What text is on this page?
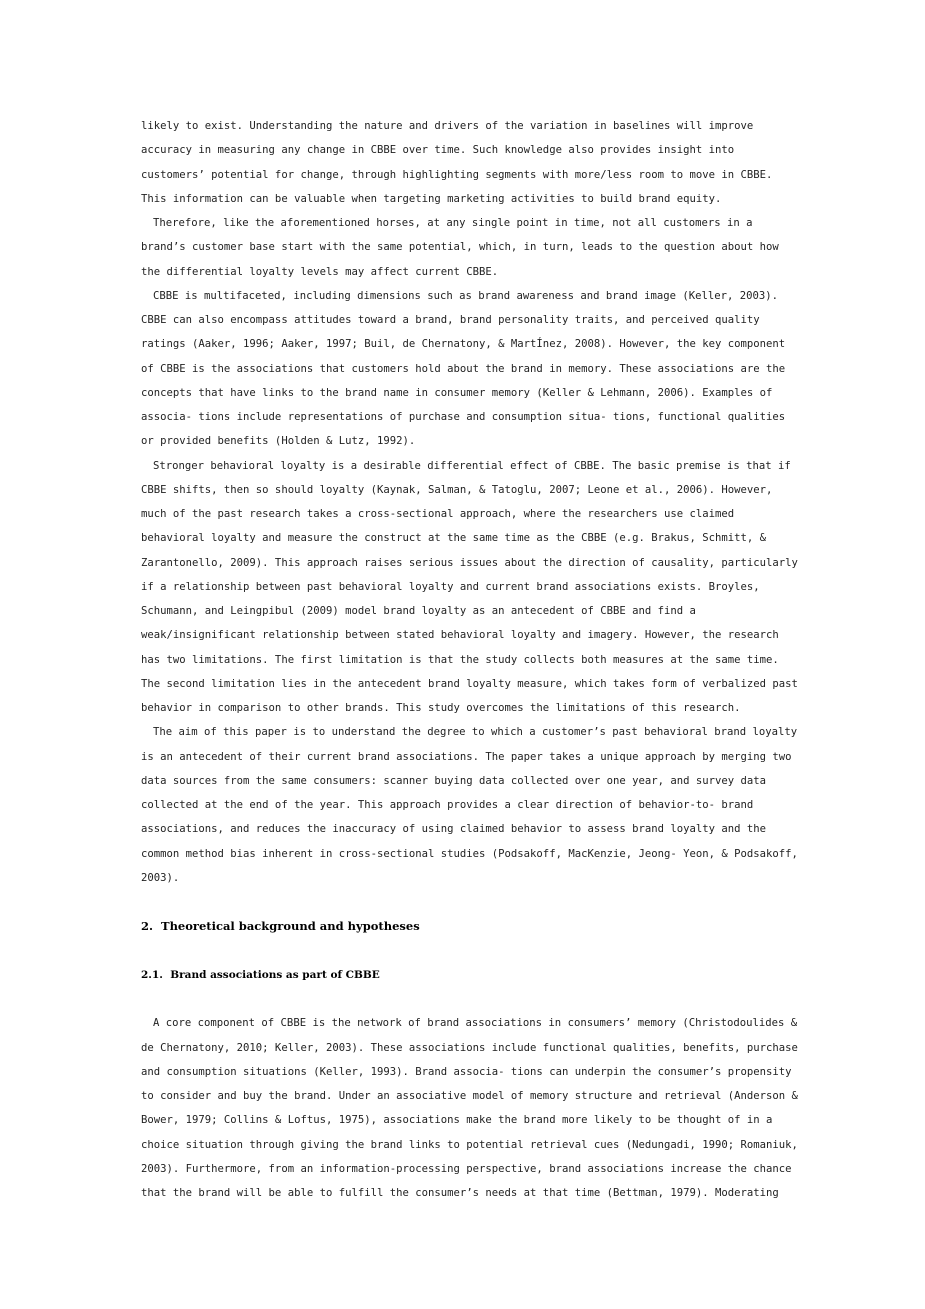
likely to exist. Understanding the nature and drivers of the variation in baselines will improve
accuracy in measuring any change in CBBE over time. Such knowledge also provides insight into
customers’ potential for change, through highlighting segments with more/less room to move in CBBE.
This information can be valuable when targeting marketing activities to build brand equity.
Therefore, like the aforementioned horses, at any single point in time, not all customers in a
brand’s customer base start with the same potential, which, in turn, leads to the question about how
the differential loyalty levels may affect current CBBE.
CBBE is multifaceted, including dimensions such as brand awareness and brand image (Keller, 2003).
CBBE can also encompass attitudes toward a brand, brand personality traits, and perceived quality
ratings (Aaker, 1996; Aaker, 1997; Buil, de Chernatony, & MartÍnez, 2008). However, the key component
of CBBE is the associations that customers hold about the brand in memory. These associations are the
concepts that have links to the brand name in consumer memory (Keller & Lehmann, 2006). Examples of
associa- tions include representations of purchase and consumption situa- tions, functional qualities
or provided benefits (Holden & Lutz, 1992).
Stronger behavioral loyalty is a desirable differential effect of CBBE. The basic premise is that if
CBBE shifts, then so should loyalty (Kaynak, Salman, & Tatoglu, 2007; Leone et al., 2006). However,
much of the past research takes a cross-sectional approach, where the researchers use claimed
behavioral loyalty and measure the construct at the same time as the CBBE (e.g. Brakus, Schmitt, &
Zarantonello, 2009). This approach raises serious issues about the direction of causality, particularly
if a relationship between past behavioral loyalty and current brand associations exists. Broyles,
Schumann, and Leingpibul (2009) model brand loyalty as an antecedent of CBBE and find a
weak/insignificant relationship between stated behavioral loyalty and imagery. However, the research
has two limitations. The first limitation is that the study collects both measures at the same time.
The second limitation lies in the antecedent brand loyalty measure, which takes form of verbalized past
behavior in comparison to other brands. This study overcomes the limitations of this research.
The aim of this paper is to understand the degree to which a customer’s past behavioral brand loyalty
is an antecedent of their current brand associations. The paper takes a unique approach by merging two
data sources from the same consumers: scanner buying data collected over one year, and survey data
collected at the end of the year. This approach provides a clear direction of behavior-to- brand
associations, and reduces the inaccuracy of using claimed behavior to assess brand loyalty and the
common method bias inherent in cross-sectional studies (Podsakoff, MacKenzie, Jeong- Yeon, & Podsakoff,
2003).
2.  Theoretical background and hypotheses
2.1.  Brand associations as part of CBBE
A core component of CBBE is the network of brand associations in consumers’ memory (Christodoulides &
de Chernatony, 2010; Keller, 2003). These associations include functional qualities, benefits, purchase
and consumption situations (Keller, 1993). Brand associa- tions can underpin the consumer’s propensity
to consider and buy the brand. Under an associative model of memory structure and retrieval (Anderson &
Bower, 1979; Collins & Loftus, 1975), associations make the brand more likely to be thought of in a
choice situation through giving the brand links to potential retrieval cues (Nedungadi, 1990; Romaniuk,
2003). Furthermore, from an information-processing perspective, brand associations increase the chance
that the brand will be able to fulfill the consumer’s needs at that time (Bettman, 1979). Moderating
